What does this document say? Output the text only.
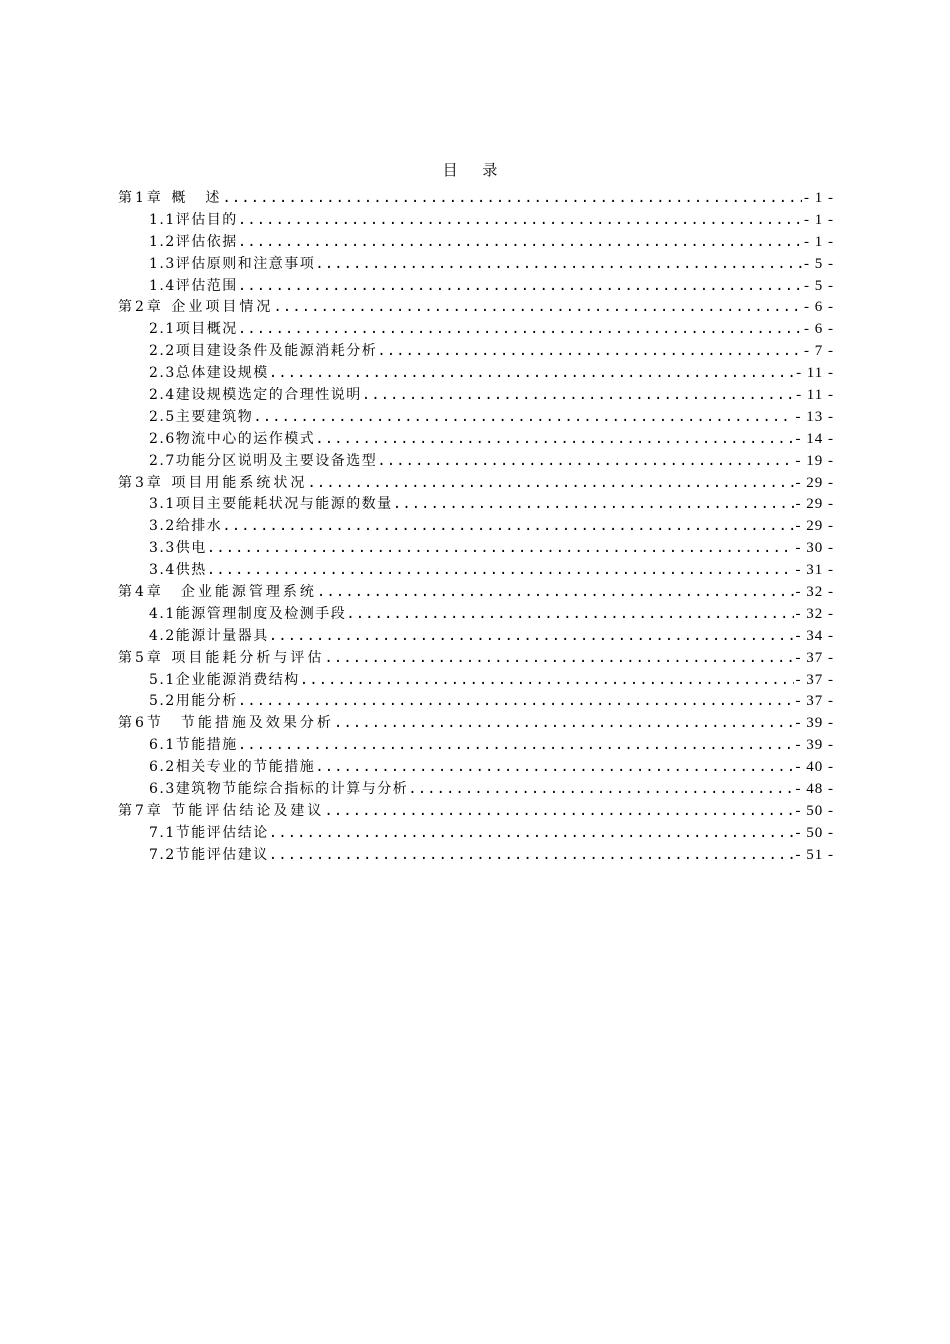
目 录
第1章 概　述 .....	- 1 -
1.1评估目的 .....	- 1 -
1.2评估依据 .....	- 1 -
1.3评估原则和注意事项 .....	- 5 -
1.4评估范围 .....	- 5 -
第2章 企业项目情况 .....	- 6 -
2.1项目概况 .....	- 6 -
2.2项目建设条件及能源消耗分析 .....	- 7 -
2.3总体建设规模 .....	- 11 -
2.4建设规模选定的合理性说明 .....	- 11 -
2.5主要建筑物 .....	- 13 -
2.6物流中心的运作模式 .....	- 14 -
2.7功能分区说明及主要设备选型 .....	- 19 -
第3章 项目用能系统状况 .....	- 29 -
3.1项目主要能耗状况与能源的数量 .....	- 29 -
3.2给排水 .....	- 29 -
3.3供电 .....	- 30 -
3.4供热 .....	- 31 -
第4章　企业能源管理系统 .....	- 32 -
4.1能源管理制度及检测手段 .....	- 32 -
4.2能源计量器具 .....	- 34 -
第5章 项目能耗分析与评估 .....	- 37 -
5.1企业能源消费结构 .....	- 37 -
5.2用能分析 .....	- 37 -
第6节　节能措施及效果分析 .....	- 39 -
6.1节能措施 .....	- 39 -
6.2相关专业的节能措施 .....	- 40 -
6.3建筑物节能综合指标的计算与分析 .....	- 48 -
第7章 节能评估结论及建议 .....	- 50 -
7.1节能评估结论 .....	- 50 -
7.2节能评估建议 .....	- 51 -
